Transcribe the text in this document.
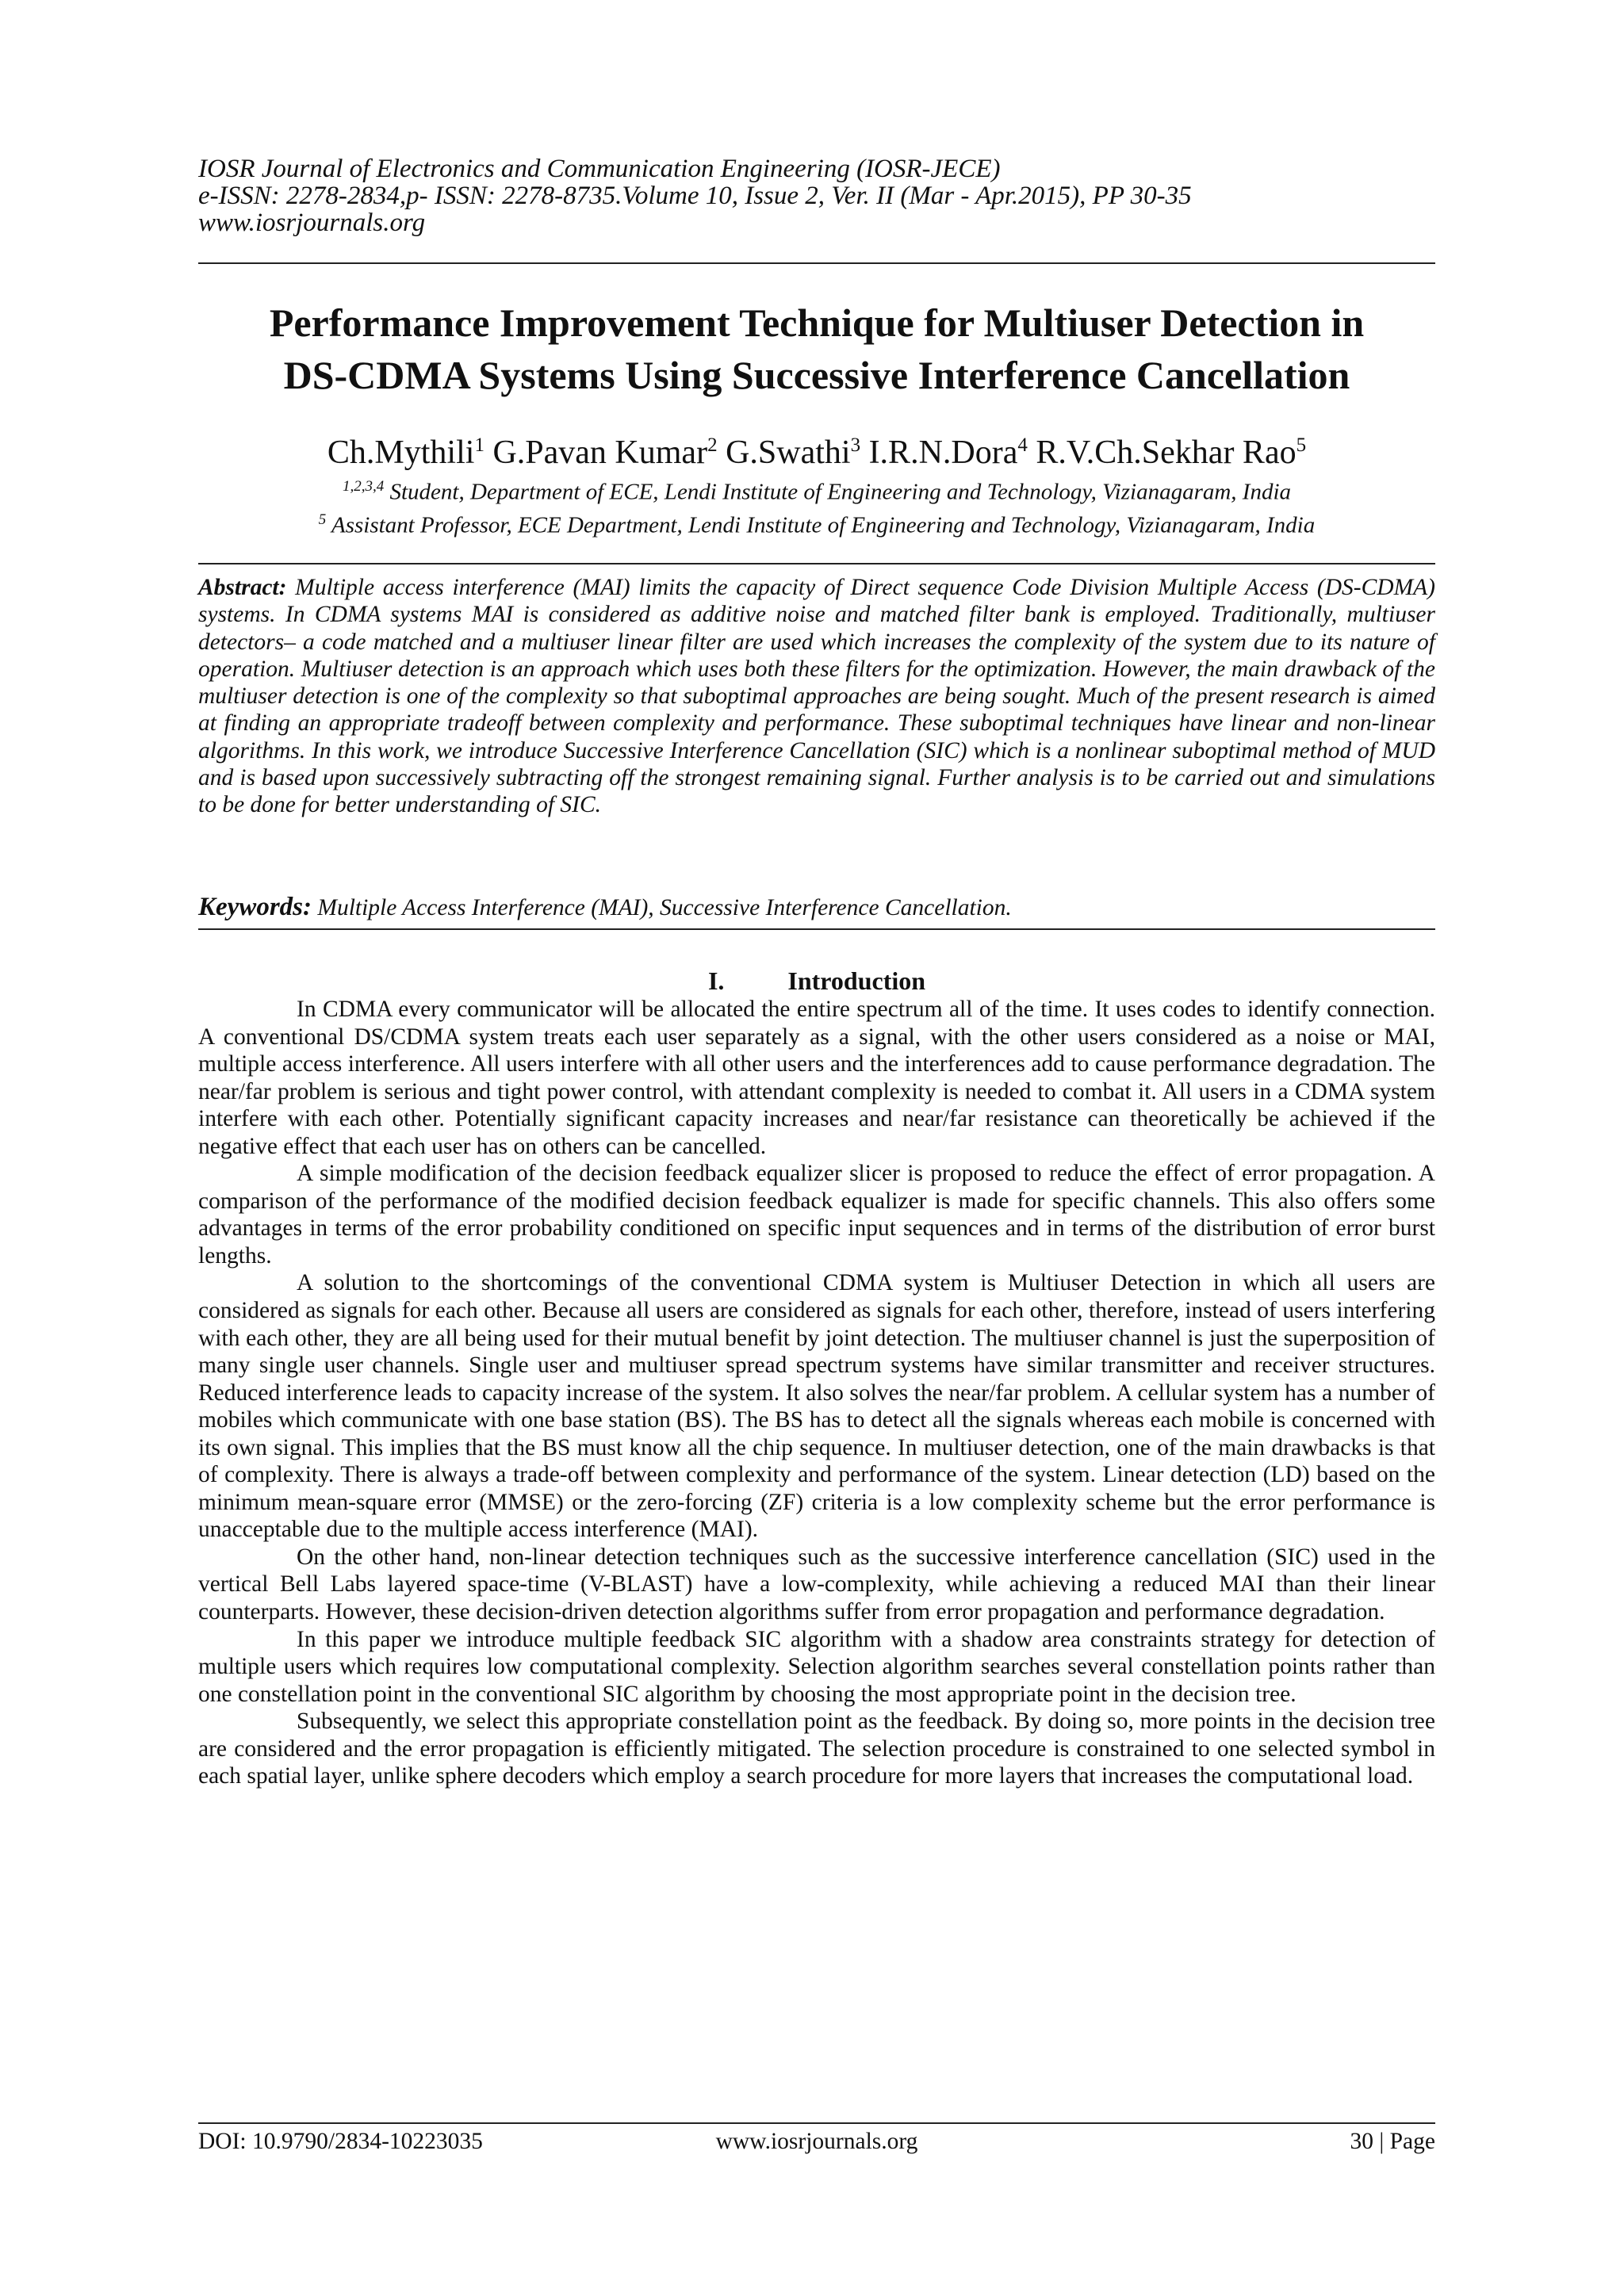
IOSR Journal of Electronics and Communication Engineering (IOSR-JECE)
e-ISSN: 2278-2834,p- ISSN: 2278-8735.Volume 10, Issue 2, Ver. II (Mar - Apr.2015), PP 30-35
www.iosrjournals.org
Performance Improvement Technique for Multiuser Detection in
DS-CDMA Systems Using Successive Interference Cancellation
Ch.Mythili$^1$ G.Pavan Kumar$^2$ G.Swathi$^3$ I.R.N.Dora$^4$ R.V.Ch.Sekhar Rao$^5$
$^{1,2,3,4}$ Student, Department of ECE, Lendi Institute of Engineering and Technology, Vizianagaram, India
$^5$ Assistant Professor, ECE Department, Lendi Institute of Engineering and Technology, Vizianagaram, India
Abstract: Multiple access interference (MAI) limits the capacity of Direct sequence Code Division Multiple Access (DS-CDMA) systems. In CDMA systems MAI is considered as additive noise and matched filter bank is employed. Traditionally, multiuser detectors– a code matched and a multiuser linear filter are used which increases the complexity of the system due to its nature of operation. Multiuser detection is an approach which uses both these filters for the optimization. However, the main drawback of the multiuser detection is one of the complexity so that suboptimal approaches are being sought. Much of the present research is aimed at finding an appropriate tradeoff between complexity and performance. These suboptimal techniques have linear and non-linear algorithms. In this work, we introduce Successive Interference Cancellation (SIC) which is a nonlinear suboptimal method of MUD and is based upon successively subtracting off the strongest remaining signal. Further analysis is to be carried out and simulations to be done for better understanding of SIC.
Keywords: Multiple Access Interference (MAI), Successive Interference Cancellation.
I.	Introduction

In CDMA every communicator will be allocated the entire spectrum all of the time. It uses codes to identify connection. A conventional DS/CDMA system treats each user separately as a signal, with the other users considered as a noise or MAI, multiple access interference. All users interfere with all other users and the interferences add to cause performance degradation. The near/far problem is serious and tight power control, with attendant complexity is needed to combat it. All users in a CDMA system interfere with each other. Potentially significant capacity increases and near/far resistance can theoretically be achieved if the negative effect that each user has on others can be cancelled.

A simple modification of the decision feedback equalizer slicer is proposed to reduce the effect of error propagation. A comparison of the performance of the modified decision feedback equalizer is made for specific channels. This also offers some advantages in terms of the error probability conditioned on specific input sequences and in terms of the distribution of error burst lengths.

A solution to the shortcomings of the conventional CDMA system is Multiuser Detection in which all users are considered as signals for each other. Because all users are considered as signals for each other, therefore, instead of users interfering with each other, they are all being used for their mutual benefit by joint detection. The multiuser channel is just the superposition of many single user channels. Single user and multiuser spread spectrum systems have similar transmitter and receiver structures. Reduced interference leads to capacity increase of the system. It also solves the near/far problem. A cellular system has a number of mobiles which communicate with one base station (BS). The BS has to detect all the signals whereas each mobile is concerned with its own signal. This implies that the BS must know all the chip sequence. In multiuser detection, one of the main drawbacks is that of complexity. There is always a trade-off between complexity and performance of the system. Linear detection (LD) based on the minimum mean-square error (MMSE) or the zero-forcing (ZF) criteria is a low complexity scheme but the error performance is unacceptable due to the multiple access interference (MAI).

On the other hand, non-linear detection techniques such as the successive interference cancellation (SIC) used in the vertical Bell Labs layered space-time (V-BLAST) have a low-complexity, while achieving a reduced MAI than their linear counterparts. However, these decision-driven detection algorithms suffer from error propagation and performance degradation.

In this paper we introduce multiple feedback SIC algorithm with a shadow area constraints strategy for detection of multiple users which requires low computational complexity. Selection algorithm searches several constellation points rather than one constellation point in the conventional SIC algorithm by choosing the most appropriate point in the decision tree.

Subsequently, we select this appropriate constellation point as the feedback. By doing so, more points in the decision tree are considered and the error propagation is efficiently mitigated. The selection procedure is constrained to one selected symbol in each spatial layer, unlike sphere decoders which employ a search procedure for more layers that increases the computational load.

DOI: 10.9790/2834-10223035	www.iosrjournals.org	30 | Page
